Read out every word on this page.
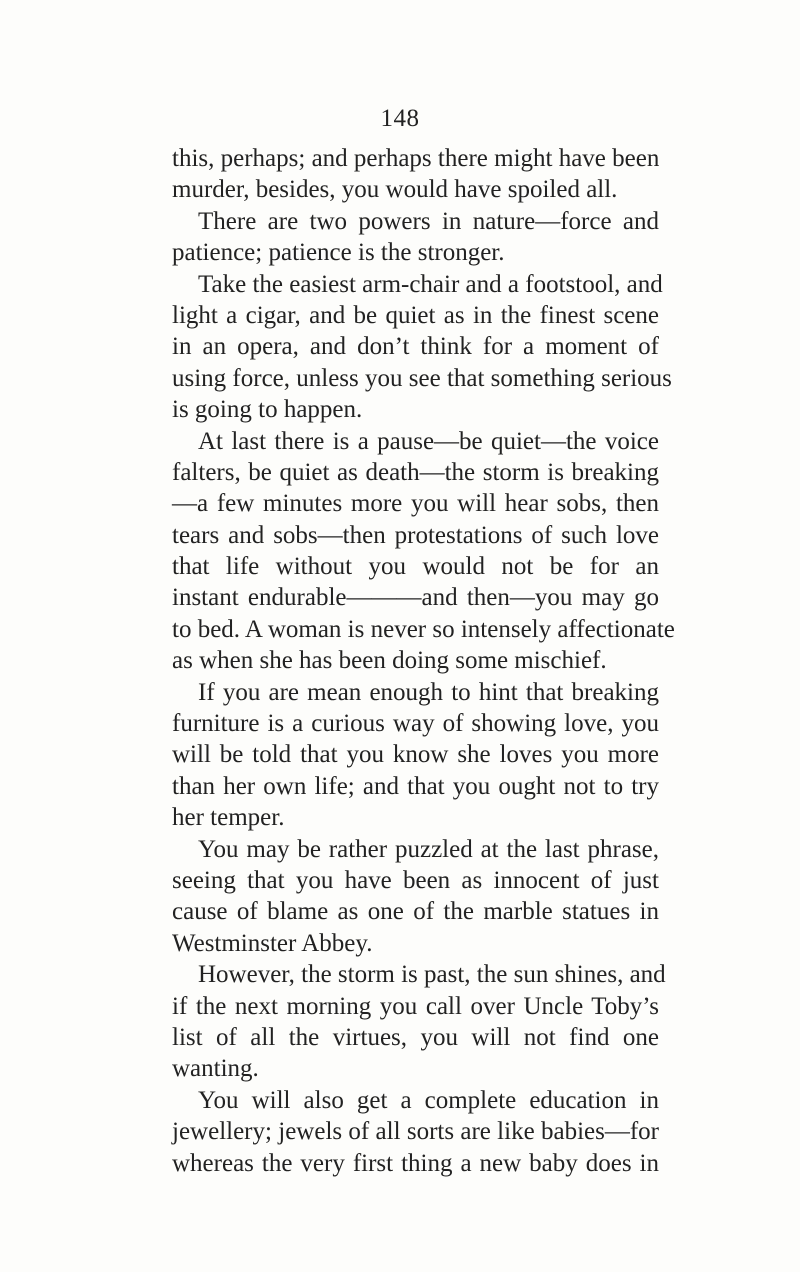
148
this, perhaps; and perhaps there might have been
murder, besides, you would have spoiled all.
There are two powers in nature—force and
patience; patience is the stronger.
Take the easiest arm-chair and a footstool, and
light a cigar, and be quiet as in the finest scene
in an opera, and don’t think for a moment of
using force, unless you see that something serious
is going to happen.
At last there is a pause—be quiet—the voice
falters, be quiet as death—the storm is breaking
—a few minutes more you will hear sobs, then
tears and sobs—then protestations of such love
that life without you would not be for an
instant endurable———and then—you may go
to bed. A woman is never so intensely affectionate
as when she has been doing some mischief.
If you are mean enough to hint that breaking
furniture is a curious way of showing love, you
will be told that you know she loves you more
than her own life; and that you ought not to try
her temper.
You may be rather puzzled at the last phrase,
seeing that you have been as innocent of just
cause of blame as one of the marble statues in
Westminster Abbey.
However, the storm is past, the sun shines, and
if the next morning you call over Uncle Toby’s
list of all the virtues, you will not find one
wanting.
You will also get a complete education in
jewellery; jewels of all sorts are like babies—for
whereas the very first thing a new baby does in
